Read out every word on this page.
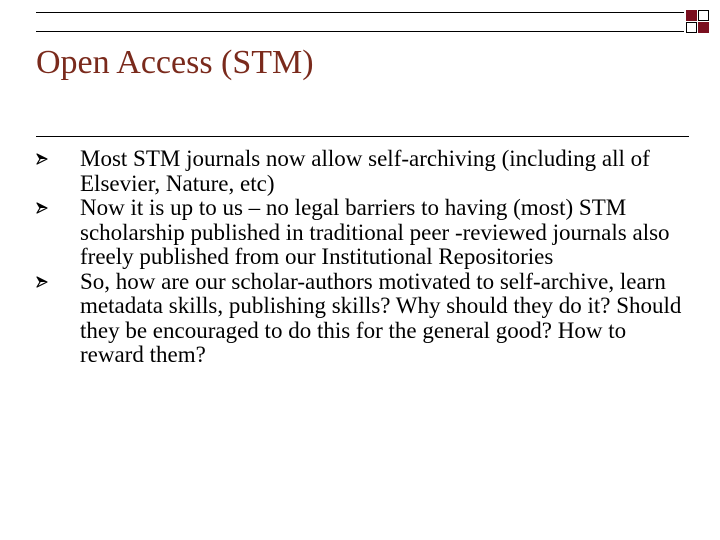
Open Access (STM)
Most STM journals now allow self-archiving (including all of Elsevier, Nature, etc)
Now it is up to us – no legal barriers to having (most) STM scholarship published in traditional peer -reviewed journals also freely published from our Institutional Repositories
So, how are our scholar-authors motivated to self-archive, learn metadata skills, publishing skills? Why should they do it? Should they be encouraged to do this for the general good? How to reward them?
